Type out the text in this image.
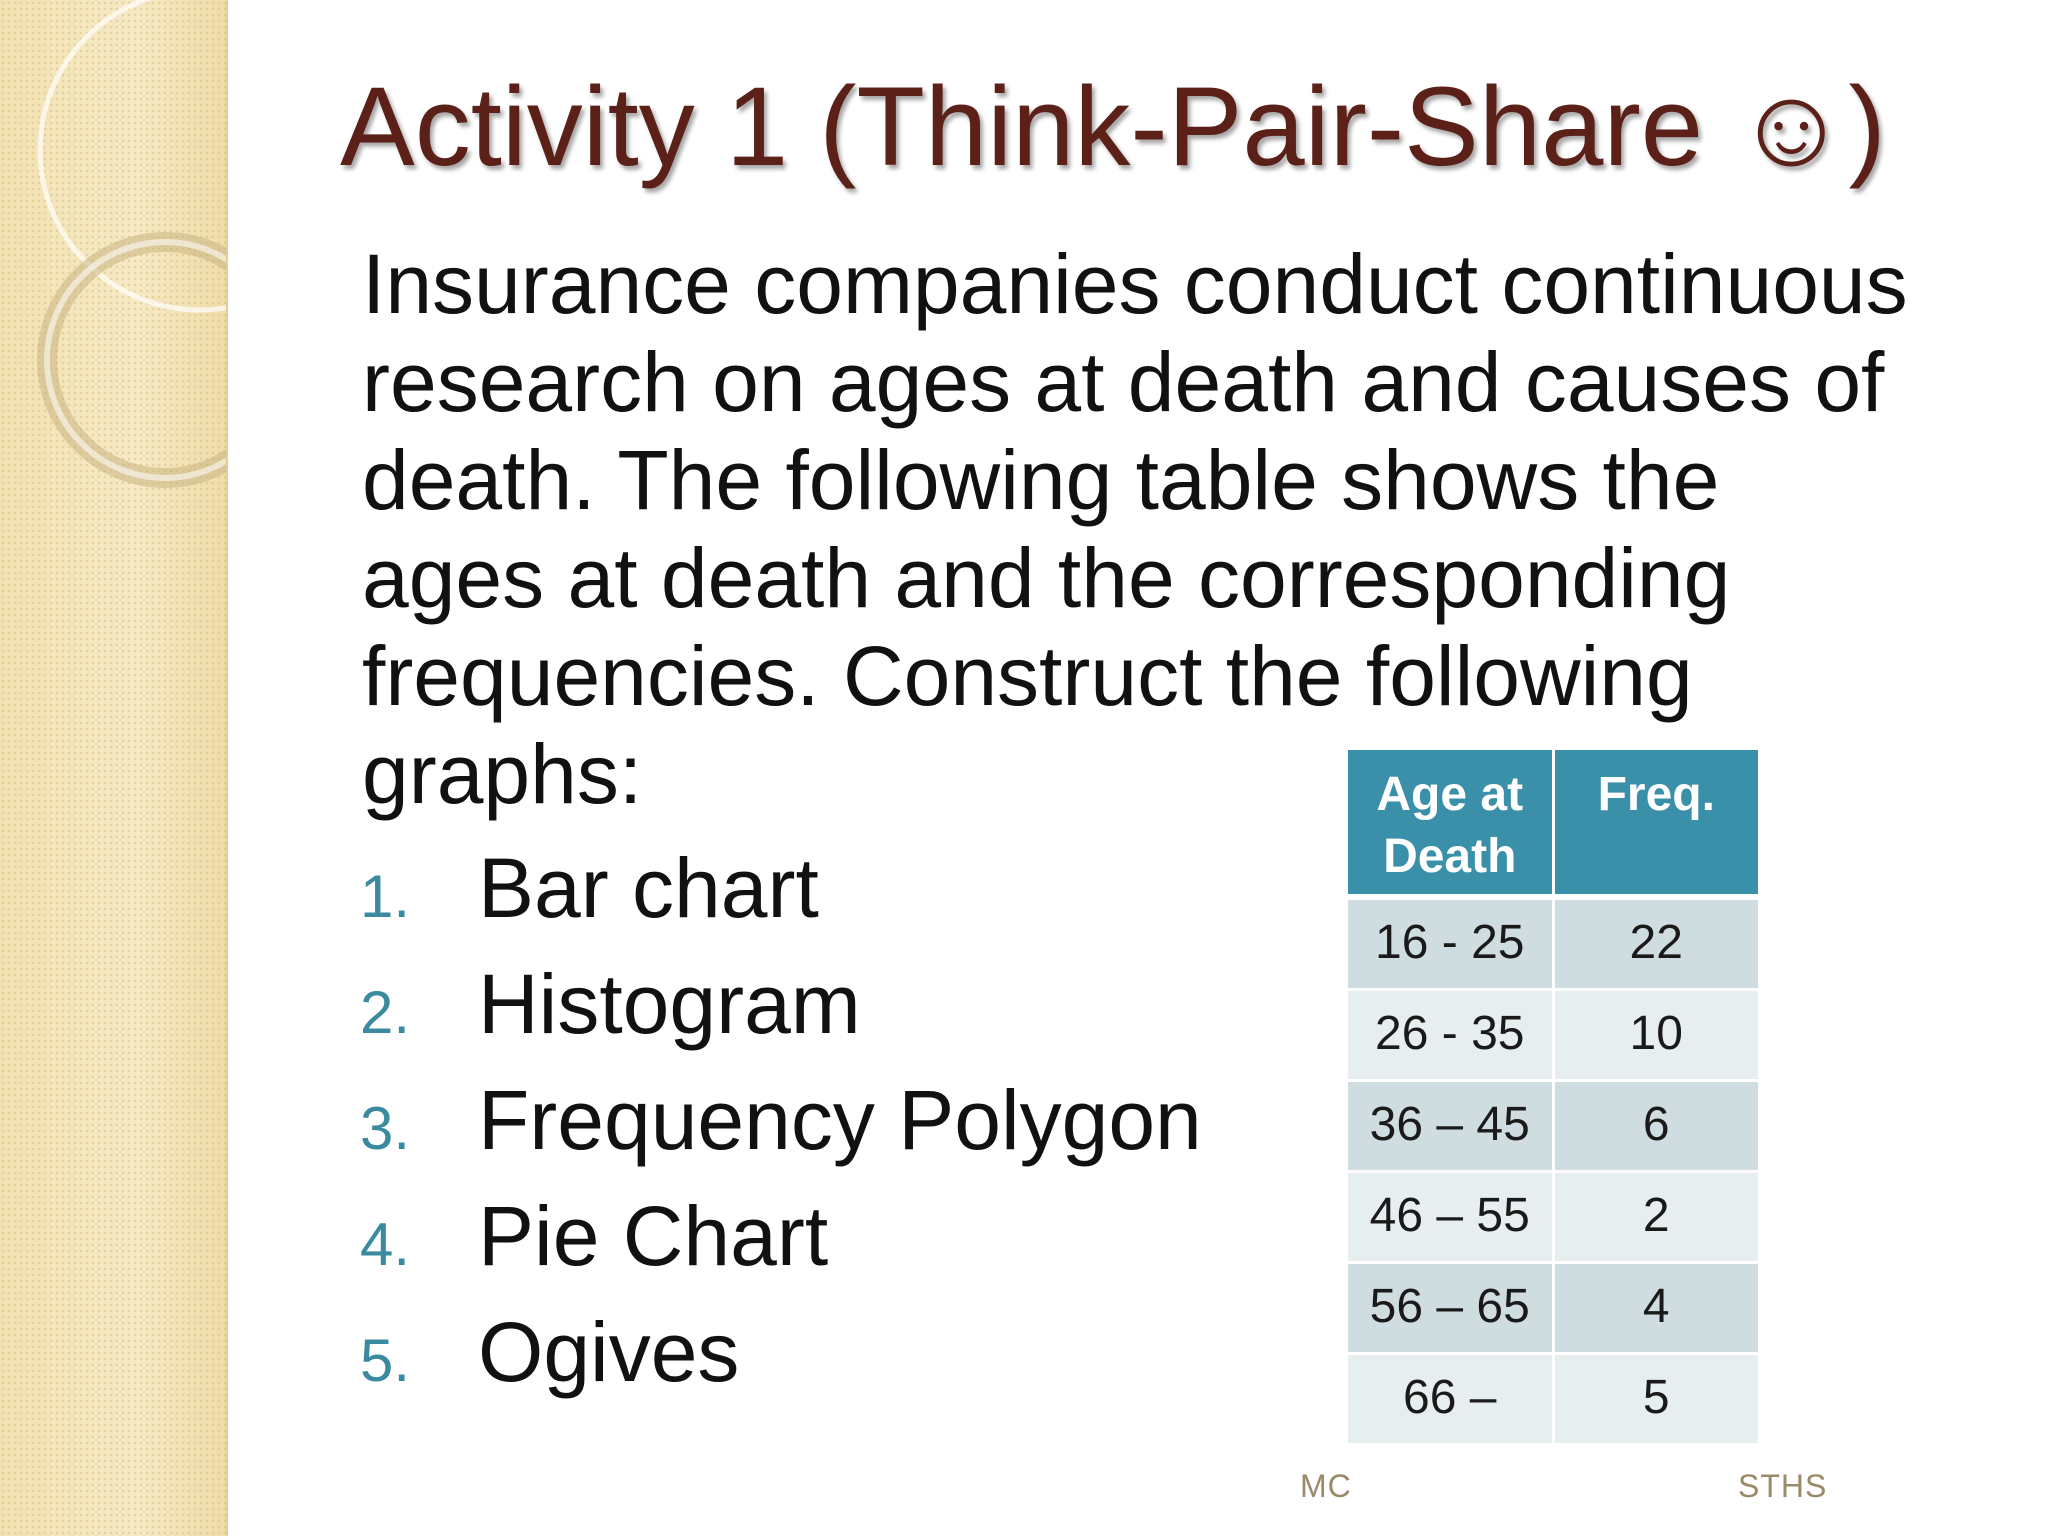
Activity 1 (Think-Pair-Share ☺)

Insurance companies conduct continuous research on ages at death and causes of death. The following table shows the ages at death and the corresponding frequencies. Construct the following graphs:

1. Bar chart
2. Histogram
3. Frequency Polygon
4. Pie Chart
5. Ogives
MC	STHS
Age at Death	Freq.
16 - 25	22
26 - 35	10
36 – 45	6
46 – 55	2
56 – 65	4
66 –	5
